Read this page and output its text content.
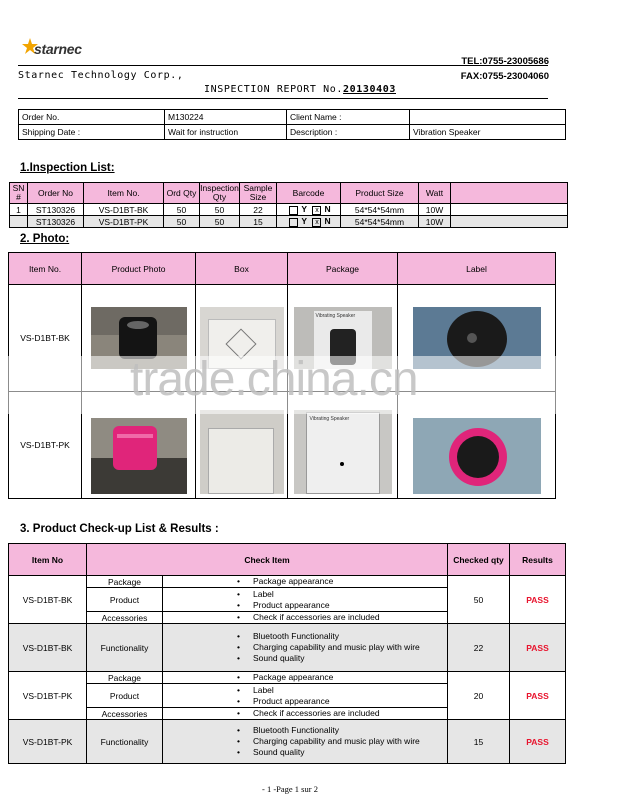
starnec
TEL:0755-23005686
Starnec Technology Corp.,	FAX:0755-23004060
INSPECTION REPORT No.20130403
Order No.	M130224	Client Name :	
Shipping Date :	Wait for instruction	Description :	Vibration Speaker
1.Inspection List:
SN #	Order No	Item No.	Ord Qty	Inspection Qty	Sample Size	Barcode	Product Size	Watt	
1	ST130326	VS-D1BT-BK	50	50	22	Y x N	54*54*54mm	10W	
	ST130326	VS-D1BT-PK	50	50	15	Y x N	54*54*54mm	10W	
2. Photo:
Item No.	Product Photo	Box	Package	Label
VS-D1BT-BK			Vibrating Speaker	

VS-D1BT-PK			Vibrating Speaker	

trade.china.cn
3. Product Check-up List & Results :
Item No	Check Item		Checked qty	Results
VS-D1BT-BK	Package	• Package appearance	50	PASS
	Product	• Label
• Product appearance

	Accessories	• Check if accessories are included

VS-D1BT-BK	Functionality	• Bluetooth Functionality
• Charging capability and music play with wire
• Sound quality	22	PASS
VS-D1BT-PK	Package	• Package appearance	20	PASS
	Product	• Label
• Product appearance

	Accessories	• Check if accessories are included

VS-D1BT-PK	Functionality	• Bluetooth Functionality
• Charging capability and music play with wire
• Sound quality	15	PASS
- 1 -Page 1 sur 2
